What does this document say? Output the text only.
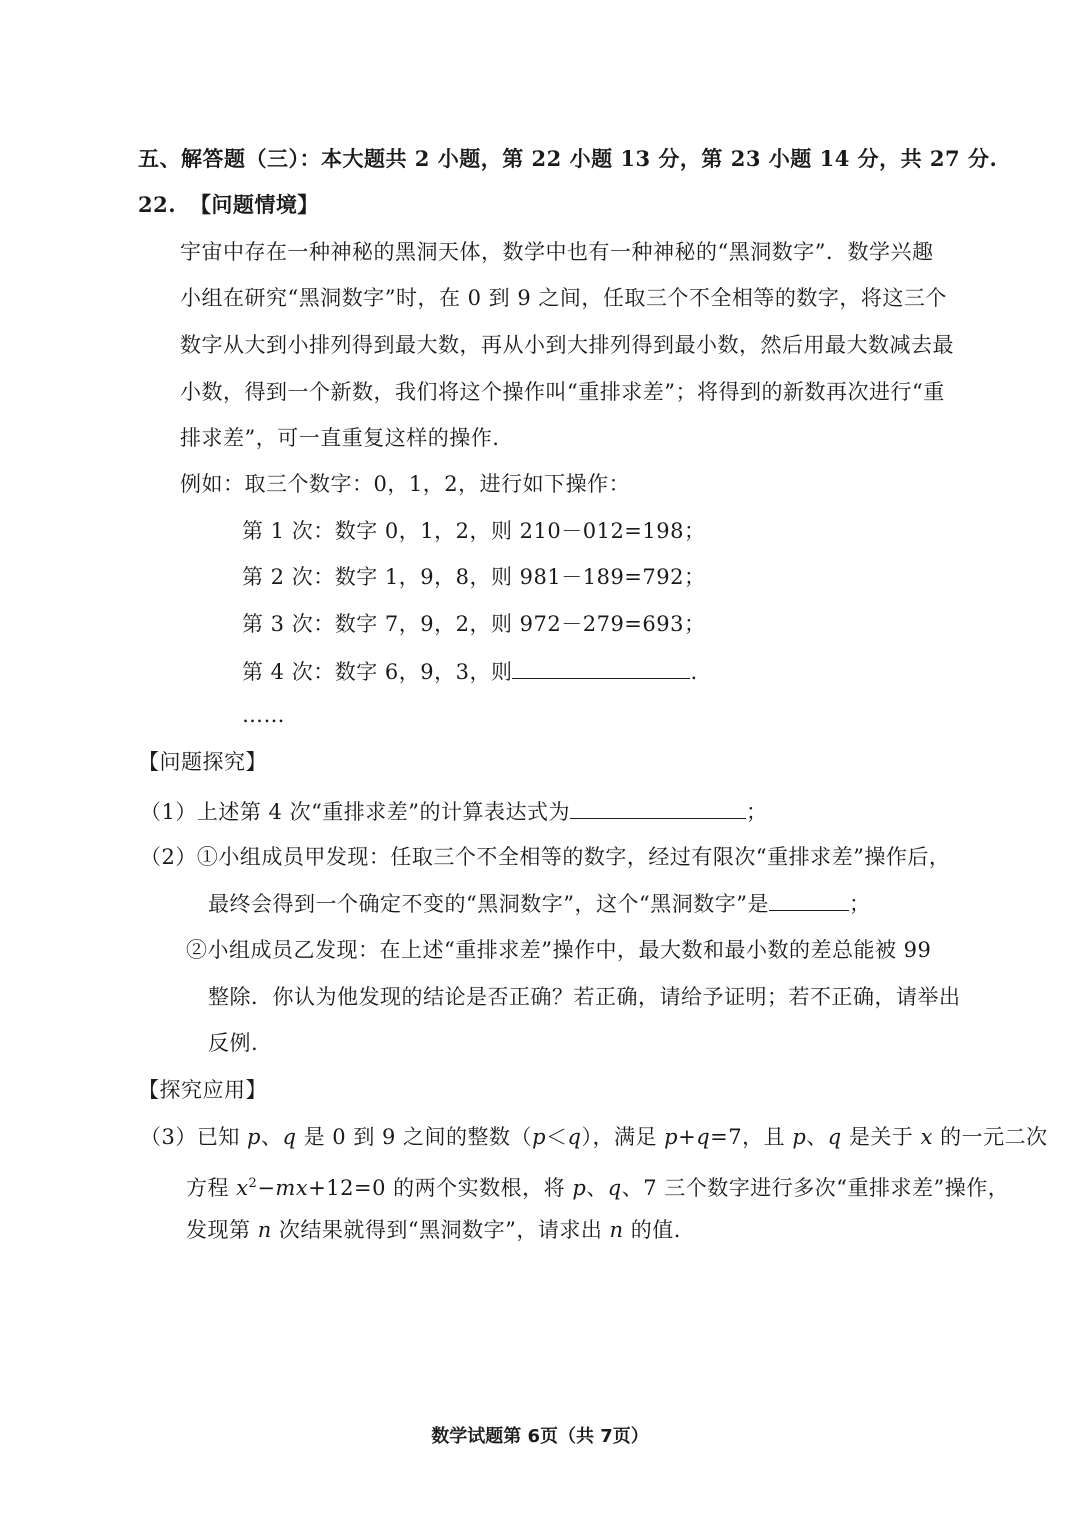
五、解答题（三）：本大题共 2 小题，第 22 小题 13 分，第 23 小题 14 分，共 27 分.
22. 【问题情境】
宇宙中存在一种神秘的黑洞天体，数学中也有一种神秘的“黑洞数字”．数学兴趣
小组在研究“黑洞数字”时，在 0 到 9 之间，任取三个不全相等的数字，将这三个
数字从大到小排列得到最大数，再从小到大排列得到最小数，然后用最大数减去最
小数，得到一个新数，我们将这个操作叫“重排求差”；将得到的新数再次进行“重
排求差”，可一直重复这样的操作.
例如：取三个数字：0，1，2，进行如下操作：
第 1 次：数字 0，1，2，则 210－012=198；
第 2 次：数字 1，9，8，则 981－189=792；
第 3 次：数字 7，9，2，则 972－279=693；
第 4 次：数字 6，9，3，则	.
……
【问题探究】
（1）上述第 4 次“重排求差”的计算表达式为	；
（2）①小组成员甲发现：任取三个不全相等的数字，经过有限次“重排求差”操作后，
最终会得到一个确定不变的“黑洞数字”，这个“黑洞数字”是	；
②小组成员乙发现：在上述“重排求差”操作中，最大数和最小数的差总能被 99
整除．你认为他发现的结论是否正确？若正确，请给予证明；若不正确，请举出
反例.
【探究应用】
（3）已知 p、q 是 0 到 9 之间的整数（p＜q），满足 p+q=7，且 p、q 是关于 x 的一元二次
方程 $x^2-mx+12=0$ 的两个实数根，将 p、q、7 三个数字进行多次“重排求差”操作，
发现第 n 次结果就得到“黑洞数字”，请求出 n 的值.
数学试题第 6页（共 7页）
